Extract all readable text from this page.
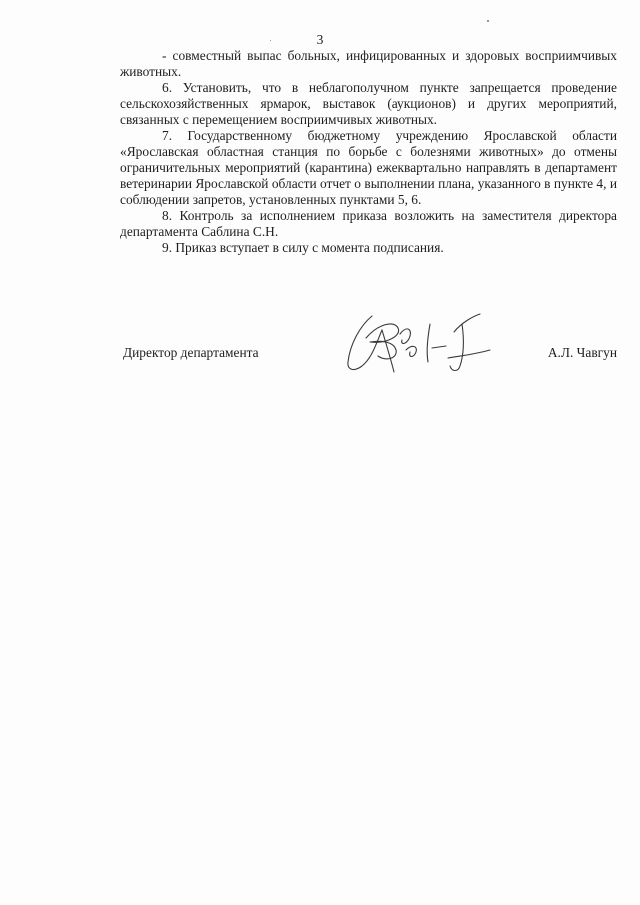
3

- совместный выпас больных, инфицированных и здоровых восприимчивых животных.

6. Установить, что в неблагополучном пункте запрещается проведение сельскохозяйственных ярмарок, выставок (аукционов) и других мероприятий, связанных с перемещением восприимчивых животных.

7. Государственному бюджетному учреждению Ярославской области «Ярославская областная станция по борьбе с болезнями животных» до отмены ограничительных мероприятий (карантина) ежеквартально направлять в департамент ветеринарии Ярославской области отчет о выполнении плана, указанного в пункте 4, и соблюдении запретов, установленных пунктами 5, 6.

8. Контроль за исполнением приказа возложить на заместителя директора департамента Саблина С.Н.

9. Приказ вступает в силу с момента подписания.

Директор департамента	А.Л. Чавгун
